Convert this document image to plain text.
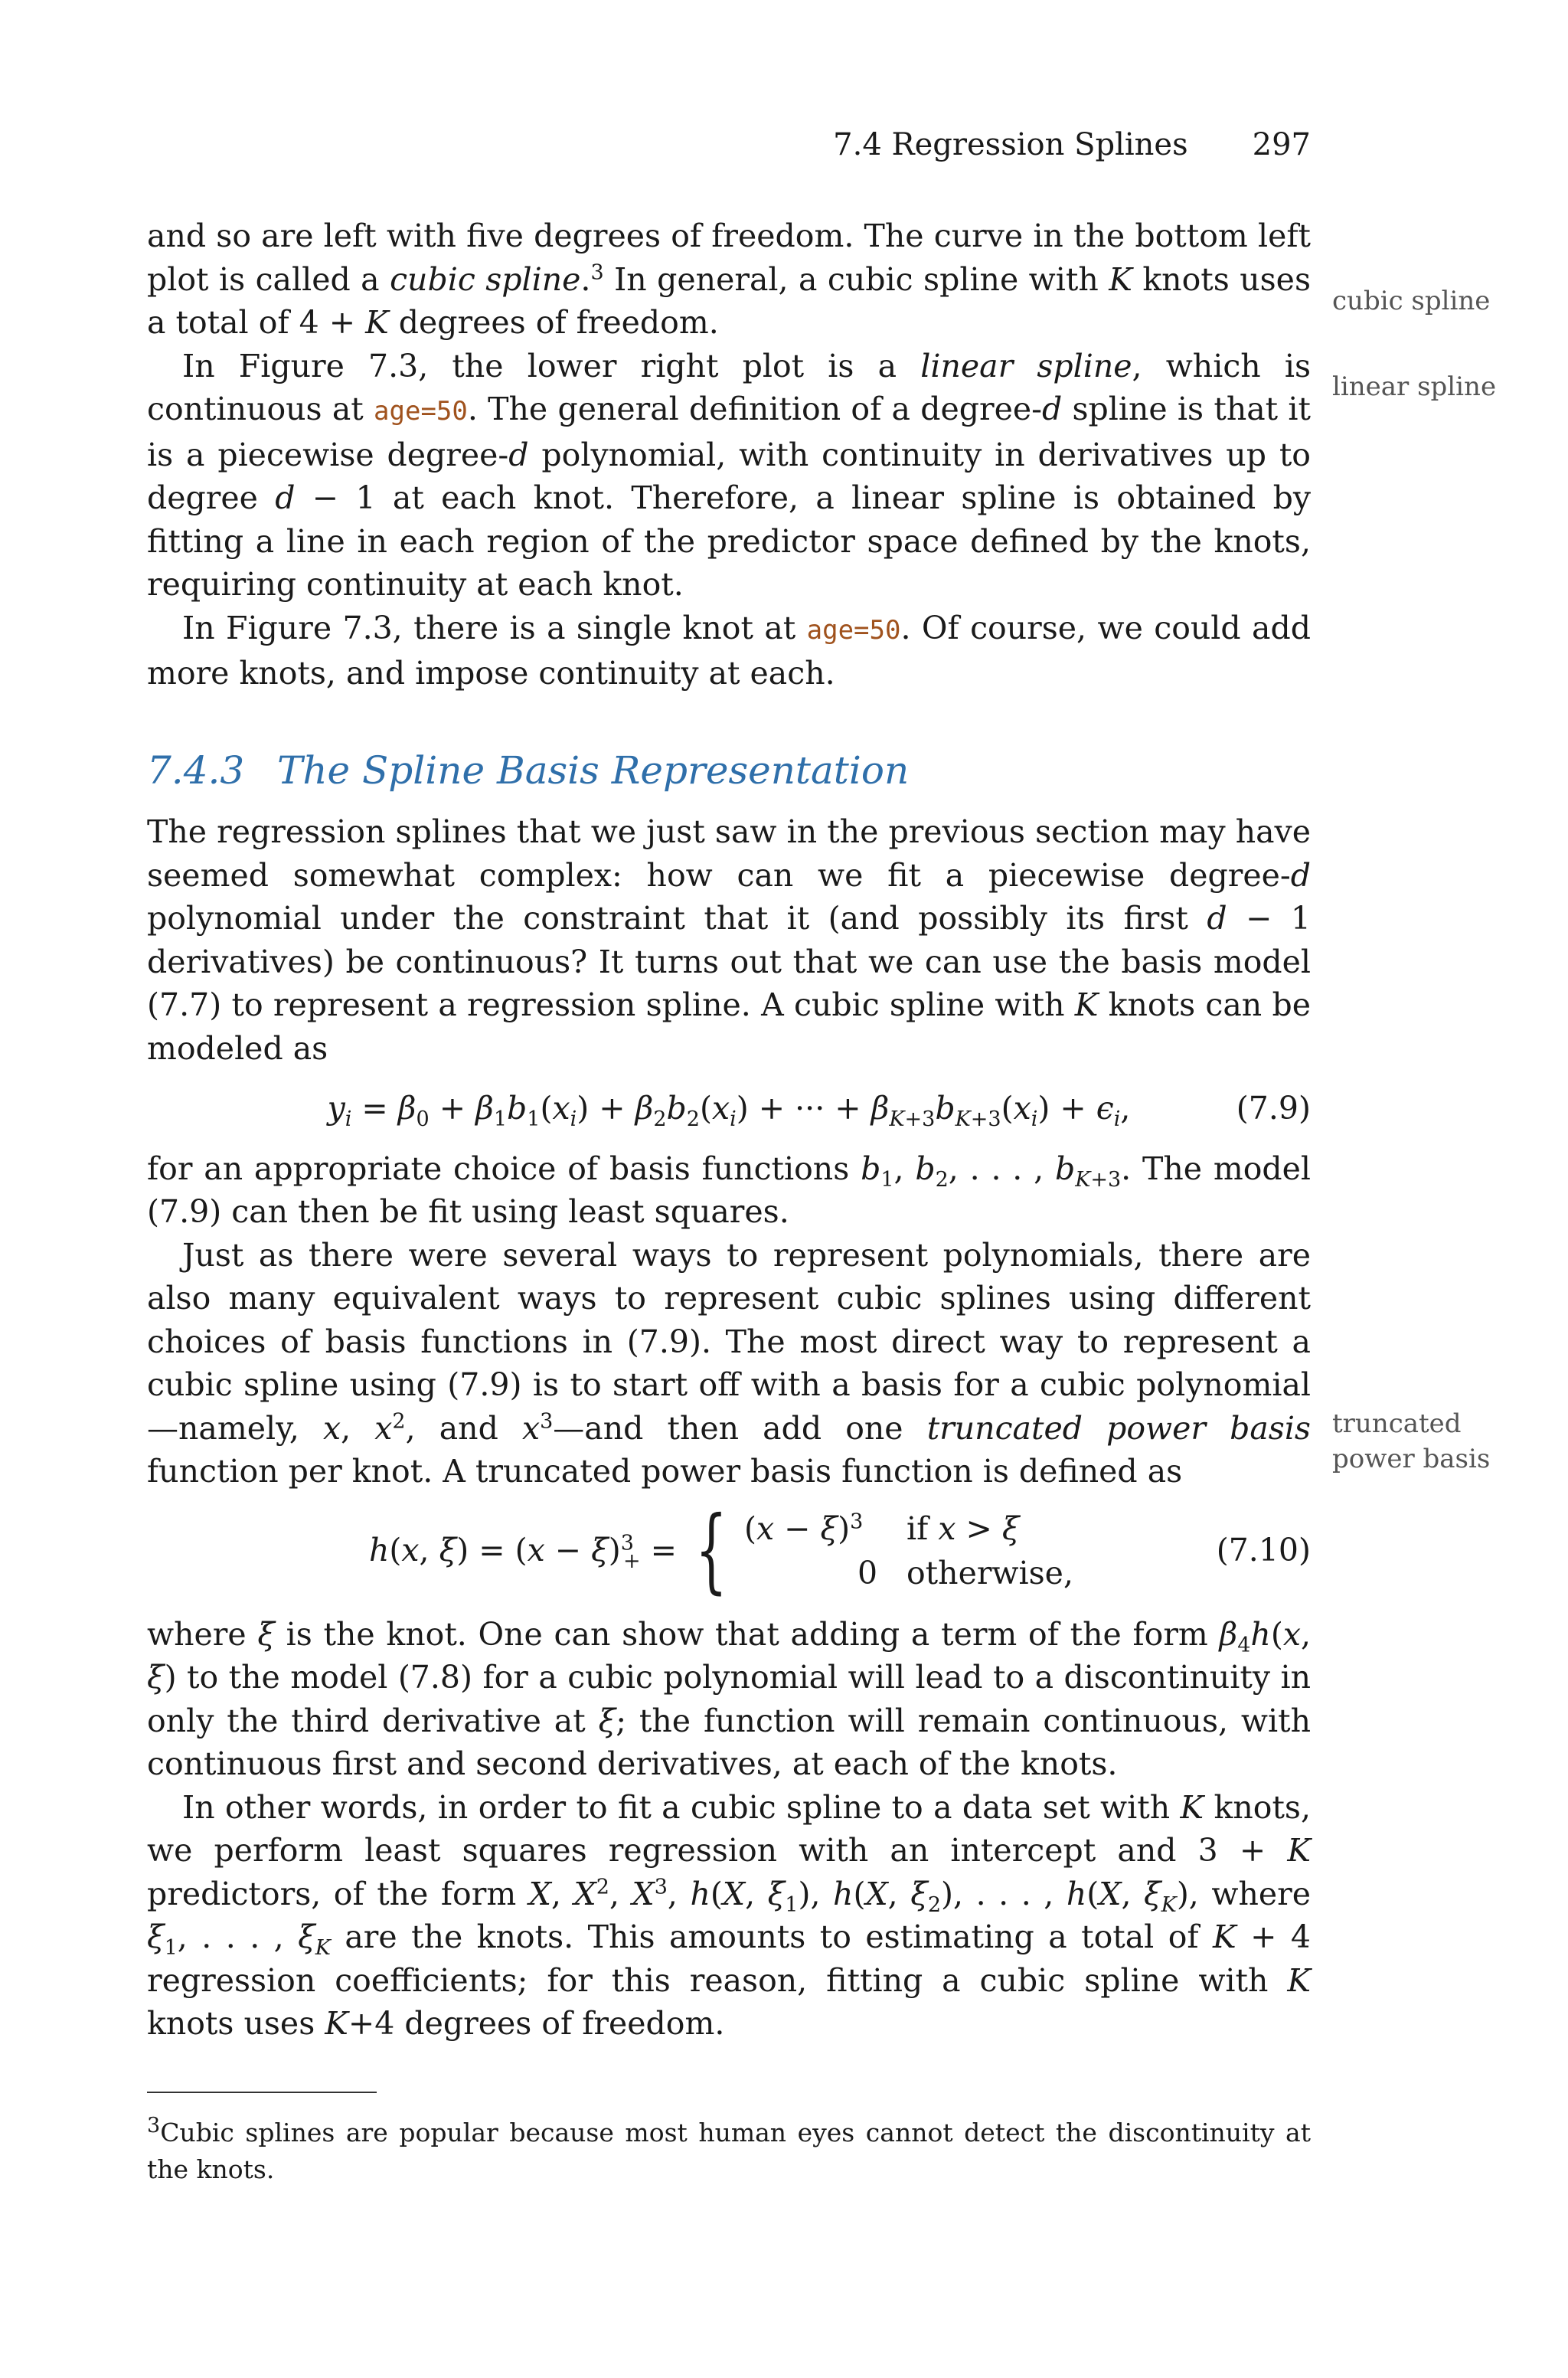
7.4 Regression Splines 297
cubic spline
linear spline
truncated
power basis

and so are left with five degrees of freedom. The curve in the bottom left plot is called a cubic spline.$^3$ In general, a cubic spline with K knots uses a total of 4 + K degrees of freedom.

In Figure 7.3, the lower right plot is a linear spline, which is continuous at age=50. The general definition of a degree-d spline is that it is a piecewise degree-d polynomial, with continuity in derivatives up to degree d − 1 at each knot. Therefore, a linear spline is obtained by fitting a line in each region of the predictor space defined by the knots, requiring continuity at each knot.

In Figure 7.3, there is a single knot at age=50. Of course, we could add more knots, and impose continuity at each.

7.4.3 The Spline Basis Representation

The regression splines that we just saw in the previous section may have seemed somewhat complex: how can we fit a piecewise degree-d polynomial under the constraint that it (and possibly its first d − 1 derivatives) be continuous? It turns out that we can use the basis model (7.7) to represent a regression spline. A cubic spline with K knots can be modeled as

$y_i = \beta_0 + \beta_1b_1(x_i) + \beta_2b_2(x_i)$ + ··· + $\beta_{K+3}b_{K+3}(x_i) + \epsilon_i$,	(7.9)

for an appropriate choice of basis functions $b_1$, $b_2$, . . . , $b_{K+3}$. The model (7.9) can then be fit using least squares.

Just as there were several ways to represent polynomials, there are also many equivalent ways to represent cubic splines using different choices of basis functions in (7.9). The most direct way to represent a cubic spline using (7.9) is to start off with a basis for a cubic polynomial—namely, x, $x^2$, and $x^3—and$ then add one truncated power basis function per knot. A truncated power basis function is defined as

h(x, $\xi) = (x - \xi)^3_+$ = { $(x - \xi)^3$ if x > ξ
0 otherwise,
(7.10)

where ξ is the knot. One can show that adding a term of the form $\beta_4h(x$, ξ) to the model (7.8) for a cubic polynomial will lead to a discontinuity in only the third derivative at ξ; the function will remain continuous, with continuous first and second derivatives, at each of the knots.

In other words, in order to fit a cubic spline to a data set with K knots, we perform least squares regression with an intercept and 3 + K predictors, of the form X, $X^2$, $X^3$, h(X, $\xi_1$), h(X, $\xi_2$), . . . , h(X, $\xi_K$), where $\xi_1$, . . . , $\xi_K$ are the knots. This amounts to estimating a total of K + 4 regression coefficients; for this reason, fitting a cubic spline with K knots uses K+4 degrees of freedom.

$^3$Cubic splines are popular because most human eyes cannot detect the discontinuity at the knots.
